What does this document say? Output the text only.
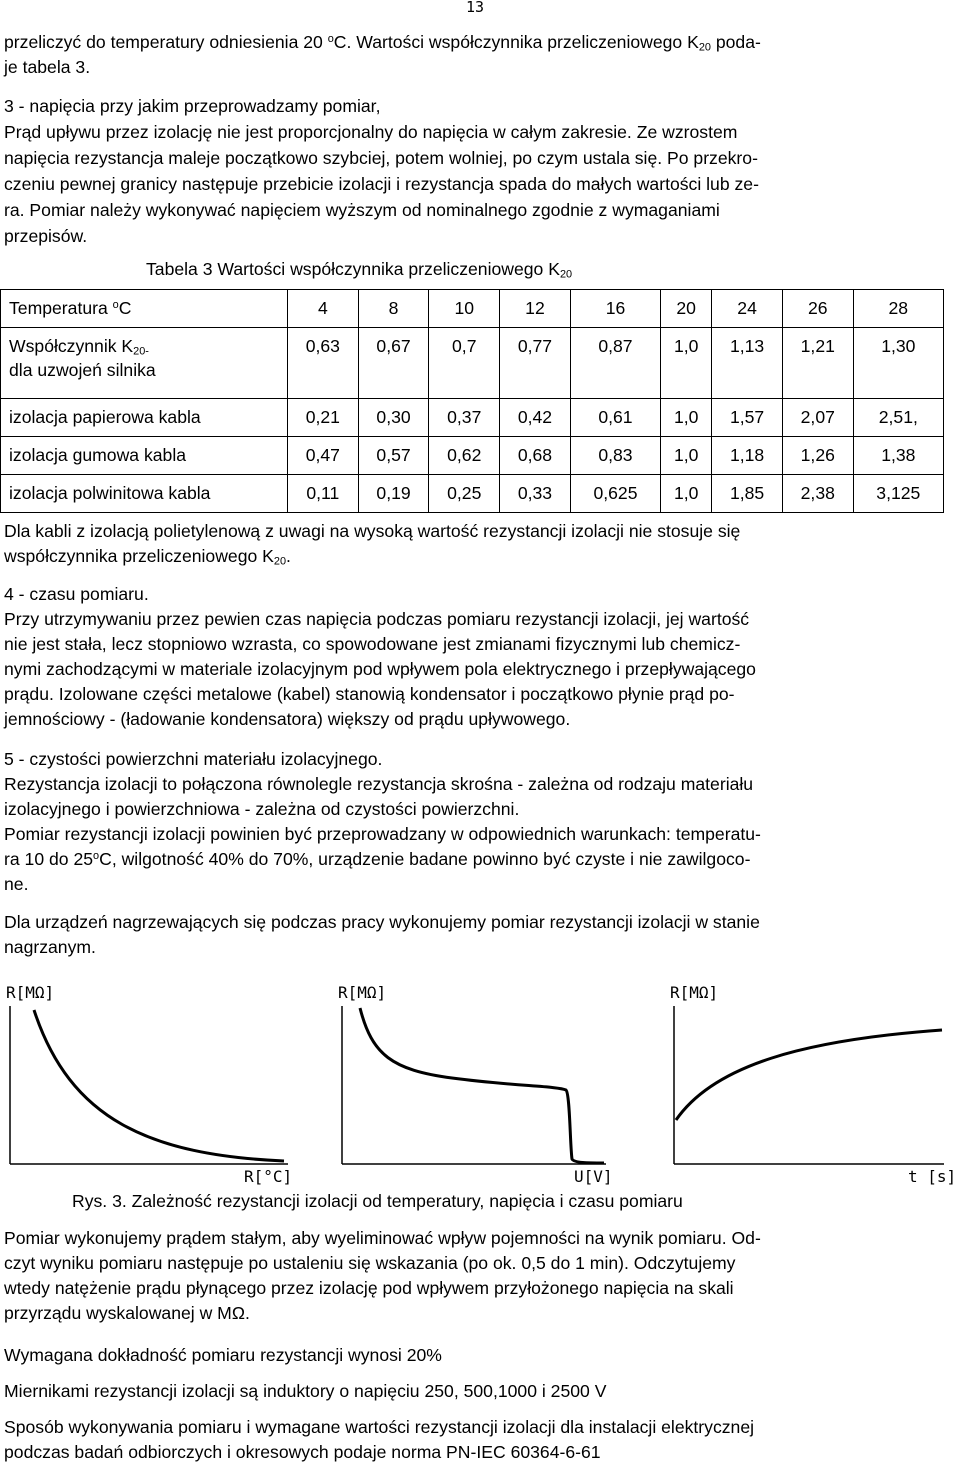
13
przeliczyć do temperatury odniesienia 20 $^o$C. Wartości współczynnika przeliczeniowego $K_{20}$ poda-
je tabela 3.
3 - napięcia przy jakim przeprowadzamy pomiar,
Prąd upływu przez izolację nie jest proporcjonalny do napięcia w całym zakresie. Ze wzrostem
napięcia rezystancja maleje początkowo szybciej, potem wolniej, po czym ustala się. Po przekro-
czeniu pewnej granicy następuje przebicie izolacji i rezystancja spada do małych wartości lub ze-
ra. Pomiar należy wykonywać napięciem wyższym od nominalnego zgodnie z wymaganiami
przepisów.
Tabela 3 Wartości współczynnika przeliczeniowego $K_{20}$
Temperatura $^o$C	4	8	10	12	16	20	24	26	28
Współczynnik $K_{20-}$
dla uzwojeń silnika	0,63	0,67	0,7	0,77	0,87	1,0	1,13	1,21	1,30
izolacja papierowa kabla	0,21	0,30	0,37	0,42	0,61	1,0	1,57	2,07	2,51,
izolacja gumowa kabla	0,47	0,57	0,62	0,68	0,83	1,0	1,18	1,26	1,38
izolacja polwinitowa kabla	0,11	0,19	0,25	0,33	0,625	1,0	1,85	2,38	3,125
Dla kabli z izolacją polietylenową z uwagi na wysoką wartość rezystancji izolacji nie stosuje się
współczynnika przeliczeniowego $K_{20}$.
4 - czasu pomiaru.
Przy utrzymywaniu przez pewien czas napięcia podczas pomiaru rezystancji izolacji, jej wartość
nie jest stała, lecz stopniowo wzrasta, co spowodowane jest zmianami fizycznymi lub chemicz-
nymi zachodzącymi w materiale izolacyjnym pod wpływem pola elektrycznego i przepływającego
prądu. Izolowane części metalowe (kabel) stanowią kondensator i początkowo płynie prąd po-
jemnościowy - (ładowanie kondensatora) większy od prądu upływowego.
5 - czystości powierzchni materiału izolacyjnego.
Rezystancja izolacji to połączona równolegle rezystancja skrośna - zależna od rodzaju materiału
izolacyjnego i powierzchniowa - zależna od czystości powierzchni.
Pomiar rezystancji izolacji powinien być przeprowadzany w odpowiednich warunkach: temperatu-
ra 10 do 25$^o$C, wilgotność 40% do 70%, urządzenie badane powinno być czyste i nie zawilgoco-
ne.
Dla urządzeń nagrzewających się podczas pracy wykonujemy pomiar rezystancji izolacji w stanie
nagrzanym.
R[MΩ]
R[°C]
R[MΩ]
U[V]
R[MΩ]
t [s]
Rys. 3. Zależność rezystancji izolacji od temperatury, napięcia i czasu pomiaru
Pomiar wykonujemy prądem stałym, aby wyeliminować wpływ pojemności na wynik pomiaru. Od-
czyt wyniku pomiaru następuje po ustaleniu się wskazania (po ok. 0,5 do 1 min). Odczytujemy
wtedy natężenie prądu płynącego przez izolację pod wpływem przyłożonego napięcia na skali
przyrządu wyskalowanej w MΩ.
Wymagana dokładność pomiaru rezystancji wynosi 20%
Miernikami rezystancji izolacji są induktory o napięciu 250, 500,1000 i 2500 V
Sposób wykonywania pomiaru i wymagane wartości rezystancji izolacji dla instalacji elektrycznej
podczas badań odbiorczych i okresowych podaje norma PN-IEC 60364-6-61
